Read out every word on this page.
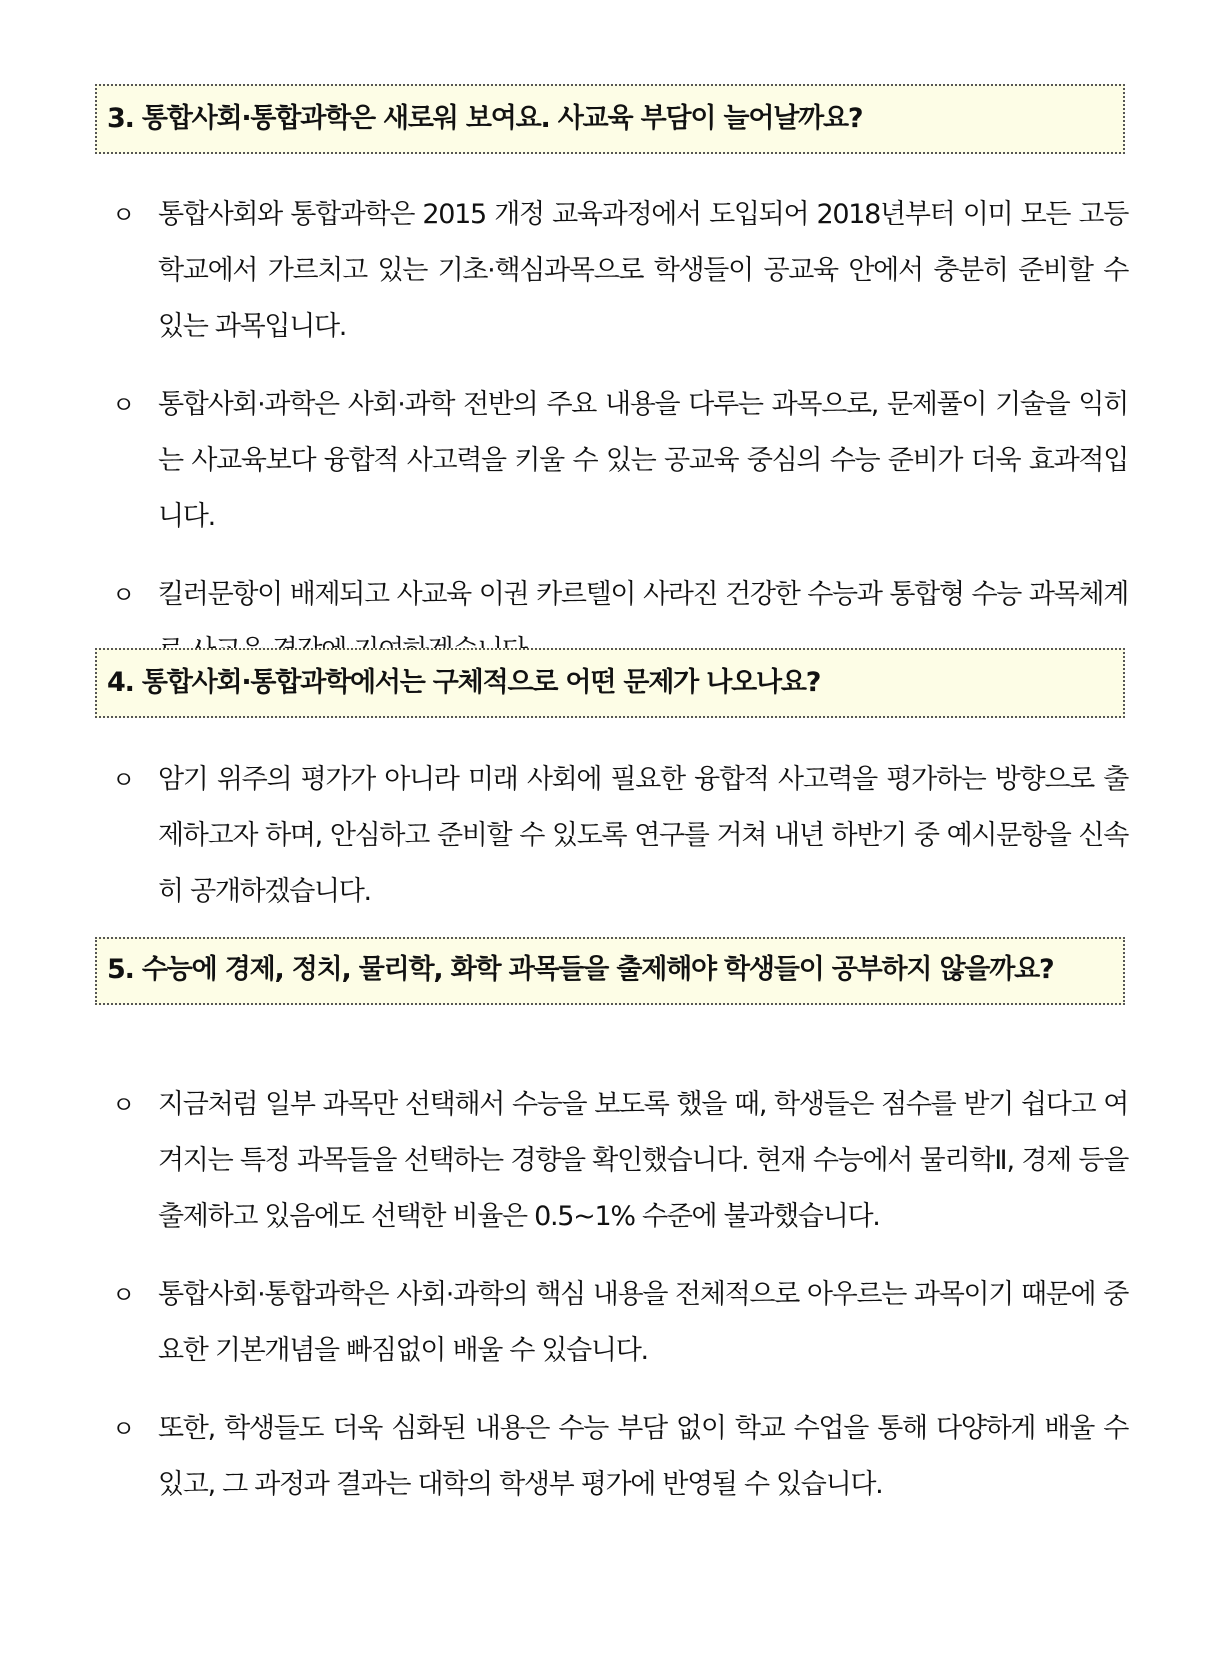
3. 통합사회·통합과학은 새로워 보여요. 사교육 부담이 늘어날까요?
ㅇ 통합사회와 통합과학은 2015 개정 교육과정에서 도입되어 2018년부터 이미 모든 고등학교에서 가르치고 있는 기초·핵심과목으로 학생들이 공교육 안에서 충분히 준비할 수 있는 과목입니다.
ㅇ 통합사회·과학은 사회·과학 전반의 주요 내용을 다루는 과목으로, 문제풀이 기술을 익히는 사교육보다 융합적 사고력을 키울 수 있는 공교육 중심의 수능 준비가 더욱 효과적입니다.
ㅇ 킬러문항이 배제되고 사교육 이권 카르텔이 사라진 건강한 수능과 통합형 수능 과목체계
4. 통합사회·통합과학에서는 구체적으로 어떤 문제가 나오나요?
ㅇ 암기 위주의 평가가 아니라 미래 사회에 필요한 융합적 사고력을 평가하는 방향으로 출제하고자 하며, 안심하고 준비할 수 있도록 연구를 거쳐 내년 하반기 중 예시문항을 신속히 공개하겠습니다.
5. 수능에 경제, 정치, 물리학, 화학 과목들을 출제해야 학생들이 공부하지 않을까요?
ㅇ 지금처럼 일부 과목만 선택해서 수능을 보도록 했을 때, 학생들은 점수를 받기 쉽다고 여겨지는 특정 과목들을 선택하는 경향을 확인했습니다. 현재 수능에서 물리학Ⅱ, 경제 등을 출제하고 있음에도 선택한 비율은 0.5~1% 수준에 불과했습니다.
ㅇ 통합사회·통합과학은 사회·과학의 핵심 내용을 전체적으로 아우르는 과목이기 때문에 중요한 기본개념을 빠짐없이 배울 수 있습니다.
ㅇ 또한, 학생들도 더욱 심화된 내용은 수능 부담 없이 학교 수업을 통해 다양하게 배울 수 있고, 그 과정과 결과는 대학의 학생부 평가에 반영될 수 있습니다.
